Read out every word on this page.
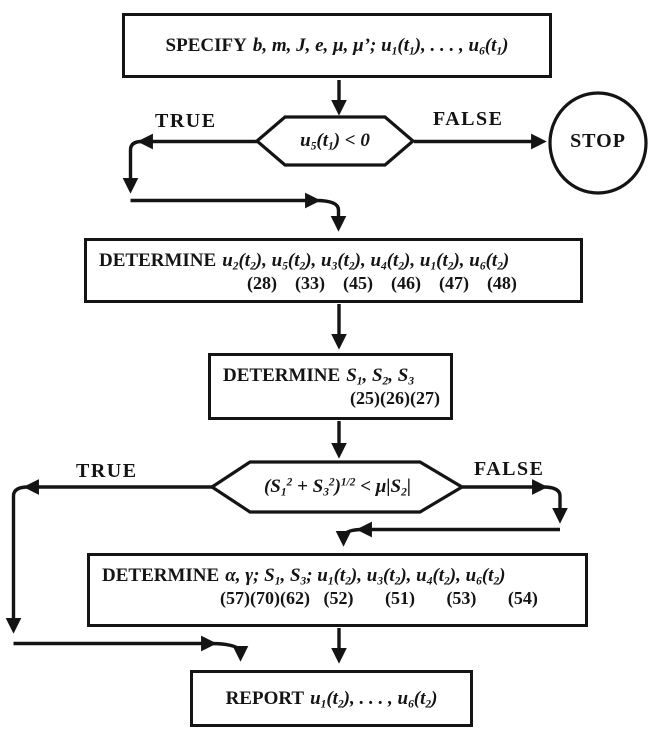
SPECIFY b, m, J, e, μ, μ’; $u_1(t_1)$, . . . , $u_6(t_1)$
$u_5(t_1) < 0$
TRUE	FALSE
STOP
DETERMINE $u_2(t_2)$, $u_5(t_2)$, $u_3(t_2)$, $u_4(t_2)$, $u_1(t_2)$, $u_6(t_2)$
(28)    (33)    (45)    (46)    (47)    (48)
DETERMINE $S_1$, $S_2$, $S_3$
(25)(26)(27)
$(S_1^2 + S_3^2)^{1/2} < \mu|S_2|$
TRUE	FALSE
DETERMINE α, γ; $S_1$, $S_3$; $u_1(t_2)$, $u_3(t_2)$, $u_4(t_2)$, $u_6(t_2)$
(57)(70)(62)   (52)       (51)       (53)       (54)
REPORT $u_1(t_2)$, . . . , $u_6(t_2)$
